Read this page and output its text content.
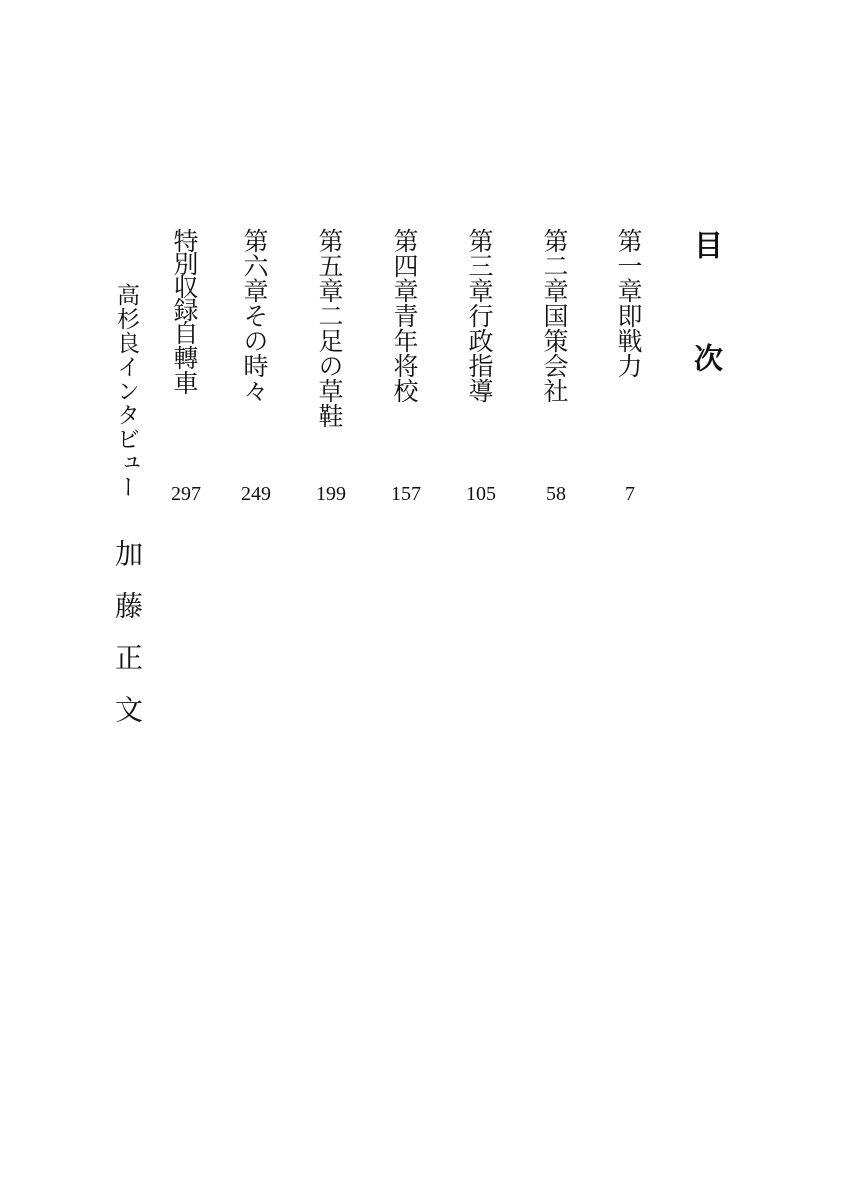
目次
第一章即戦力
7
第二章国策会社
58
第三章行政指導
105
第四章青年将校
157
第五章二足の草鞋
199
第六章その時々
249
特別収録自轉車
297
高杉良インタビュー
加藤正文
